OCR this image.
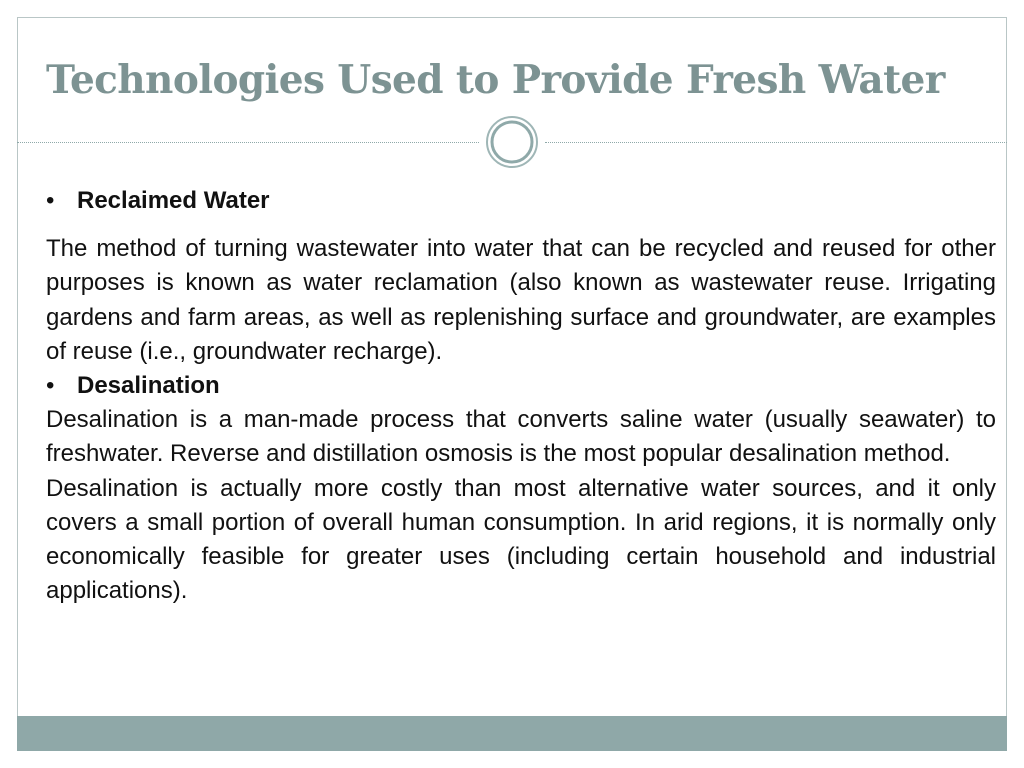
Technologies Used to Provide Fresh Water
• Reclaimed Water

The method of turning wastewater into water that can be recycled and reused for other purposes is known as water reclamation (also known as wastewater reuse. Irrigating gardens and farm areas, as well as replenishing surface and groundwater, are examples of reuse (i.e., groundwater recharge).

• Desalination

Desalination is a man-made process that converts saline water (usually seawater) to freshwater. Reverse and distillation osmosis is the most popular desalination method.

Desalination is actually more costly than most alternative water sources, and it only covers a small portion of overall human consumption. In arid regions, it is normally only economically feasible for greater uses (including certain household and industrial applications).
